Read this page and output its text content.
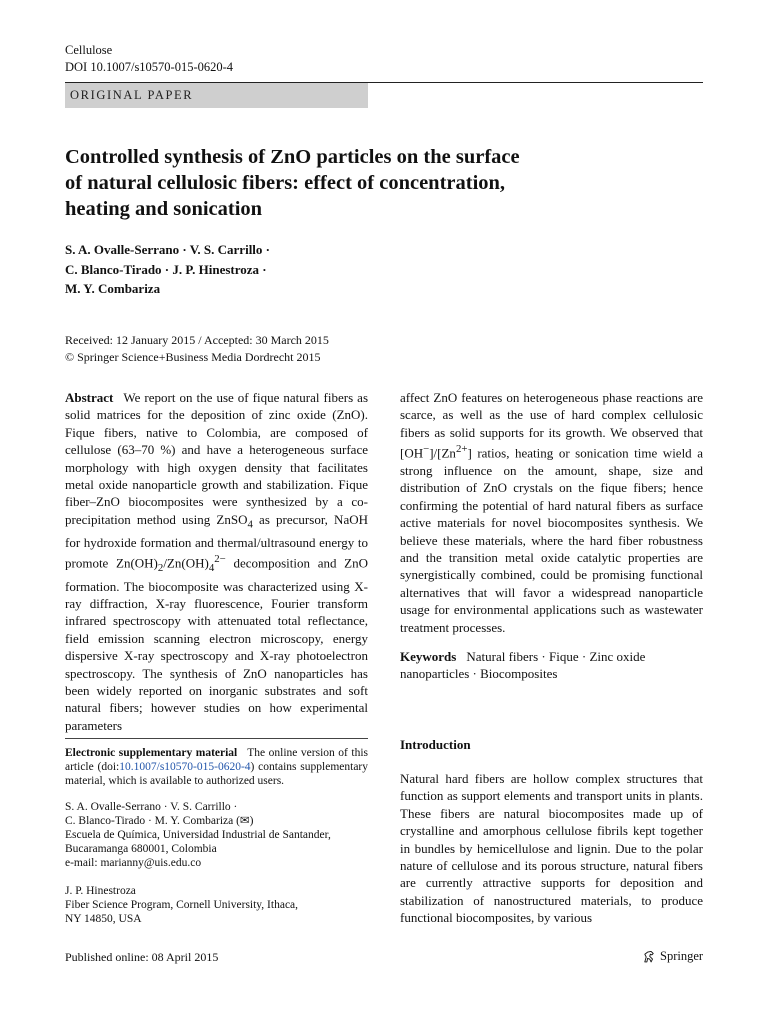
Cellulose
DOI 10.1007/s10570-015-0620-4
ORIGINAL PAPER
Controlled synthesis of ZnO particles on the surface
of natural cellulosic fibers: effect of concentration,
heating and sonication
S. A. Ovalle-Serrano · V. S. Carrillo ·
C. Blanco-Tirado · J. P. Hinestroza ·
M. Y. Combariza
Received: 12 January 2015 / Accepted: 30 March 2015
© Springer Science+Business Media Dordrecht 2015
Abstract We report on the use of fique natural fibers as solid matrices for the deposition of zinc oxide (ZnO). Fique fibers, native to Colombia, are composed of cellulose (63–70 %) and have a heterogeneous surface morphology with high oxygen density that facilitates metal oxide nanoparticle growth and stabilization. Fique fiber–ZnO biocomposites were synthesized by a co-precipitation method using ZnSO$_4$ as precursor, NaOH for hydroxide formation and thermal/ultrasound energy to promote $Zn(OH)_2/Zn(OH)_4^{2-}$ decomposition and ZnO formation. The biocomposite was characterized using X-ray diffraction, X-ray fluorescence, Fourier transform infrared spectroscopy with attenuated total reflectance, field emission scanning electron microscopy, energy dispersive X-ray spectroscopy and X-ray photoelectron spectroscopy. The synthesis of ZnO nanoparticles has been widely reported on inorganic substrates and soft natural fibers; however studies on how experimental parameters
affect ZnO features on heterogeneous phase reactions are scarce, as well as the use of hard complex cellulosic fibers as solid supports for its growth. We observed that $[OH^-]/[Zn^{2+}]$ ratios, heating or sonication time wield a strong influence on the amount, shape, size and distribution of ZnO crystals on the fique fibers; hence confirming the potential of hard natural fibers as surface active materials for novel biocomposites synthesis. We believe these materials, where the hard fiber robustness and the transition metal oxide catalytic properties are synergistically combined, could be promising functional alternatives that will favor a widespread nanoparticle usage for environmental applications such as wastewater treatment processes.
Keywords Natural fibers · Fique · Zinc oxide nanoparticles · Biocomposites
Electronic supplementary material The online version of this article (doi:10.1007/s10570-015-0620-4) contains supplementary material, which is available to authorized users.
S. A. Ovalle-Serrano · V. S. Carrillo ·
C. Blanco-Tirado · M. Y. Combariza (✉)
Escuela de Química, Universidad Industrial de Santander,
Bucaramanga 680001, Colombia
e-mail: marianny@uis.edu.co
J. P. Hinestroza
Fiber Science Program, Cornell University, Ithaca,
NY 14850, USA
Introduction
Natural hard fibers are hollow complex structures that function as support elements and transport units in plants. These fibers are natural biocomposites made up of crystalline and amorphous cellulose fibrils kept together in bundles by hemicellulose and lignin. Due to the polar nature of cellulose and its porous structure, natural fibers are currently attractive supports for deposition and stabilization of nanostructured materials, to produce functional biocomposites, by various
Published online: 08 April 2015	Springer
